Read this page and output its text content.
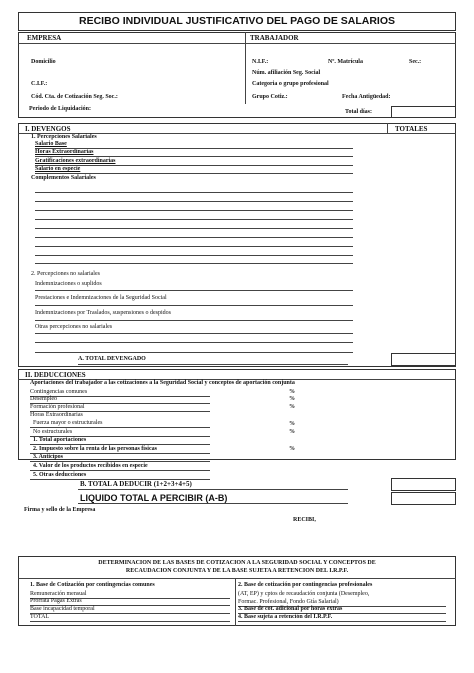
RECIBO INDIVIDUAL JUSTIFICATIVO DEL PAGO DE SALARIOS
EMPRESA	TRABAJADOR
Domicilio
C.I.F.:
Cód. Cta. de Cotización Seg. Soc.:
N.I.F.:	Nº. Matrícula	Sec.:
Núm. afiliación Seg. Social
Categoria o grupo profesional
Grupo Cotiz.:	Fecha Antigüedad:
Periodo de Liquidación:	Total días:
I. DEVENGOS	TOTALES
1. Percepciones Salariales
Salario Base
Horas Extraordinarias
Gratificaciones extraordinarias
Salario en especie
Complementos Salariales
2. Percepciones no salariales
Indemnizaciones o suplidos
Prestaciones e Indemnizaciones de la Seguridad Social
Indemnizaciones por Traslados, suspensiones o despidos
Otras percepciones no salariales
A. TOTAL DEVENGADO
II. DEDUCCIONES
Aportaciones del trabajador a las cotizaciones a la Seguridad Social y conceptos de aportación conjunta
Contingencias comunes	%
Desempleo	%
Formación profesional	%
Horas Extraordinarias
Fuerza mayor o estructurales	%
No estructurales	%
1. Total aportaciones
2. Impuesto sobre la renta de las personas físicas	%
3. Anticipos
4. Valor de los productos recibidos en especie
5. Otras deducciones
B. TOTAL A DEDUCIR (1+2+3+4+5)
LIQUIDO TOTAL A PERCIBIR (A-B)
Firma y sello de la Empresa
RECIBI,
DETERMINACION DE LAS BASES DE COTIZACION A LA SEGURIDAD SOCIAL Y CONCEPTOS DE
RECAUDACION CONJUNTA Y DE LA BASE SUJETA A RETENCION DEL I.R.P.F.
1. Base de Cotización por contingencias comunes
Remuneración mensual
Prorrata Pagas Extras
Base incapacidad temporal
TOTAL
2. Base de cotización por contingencias profesionales
(AT, EP) y cptos de recaudación conjunta (Desempleo,
Formac. Profesional, Fondo Gtía Salarial)
3. Base de cot. adicional por horas extras
4. Base sujeta a retención del I.R.P.F.
